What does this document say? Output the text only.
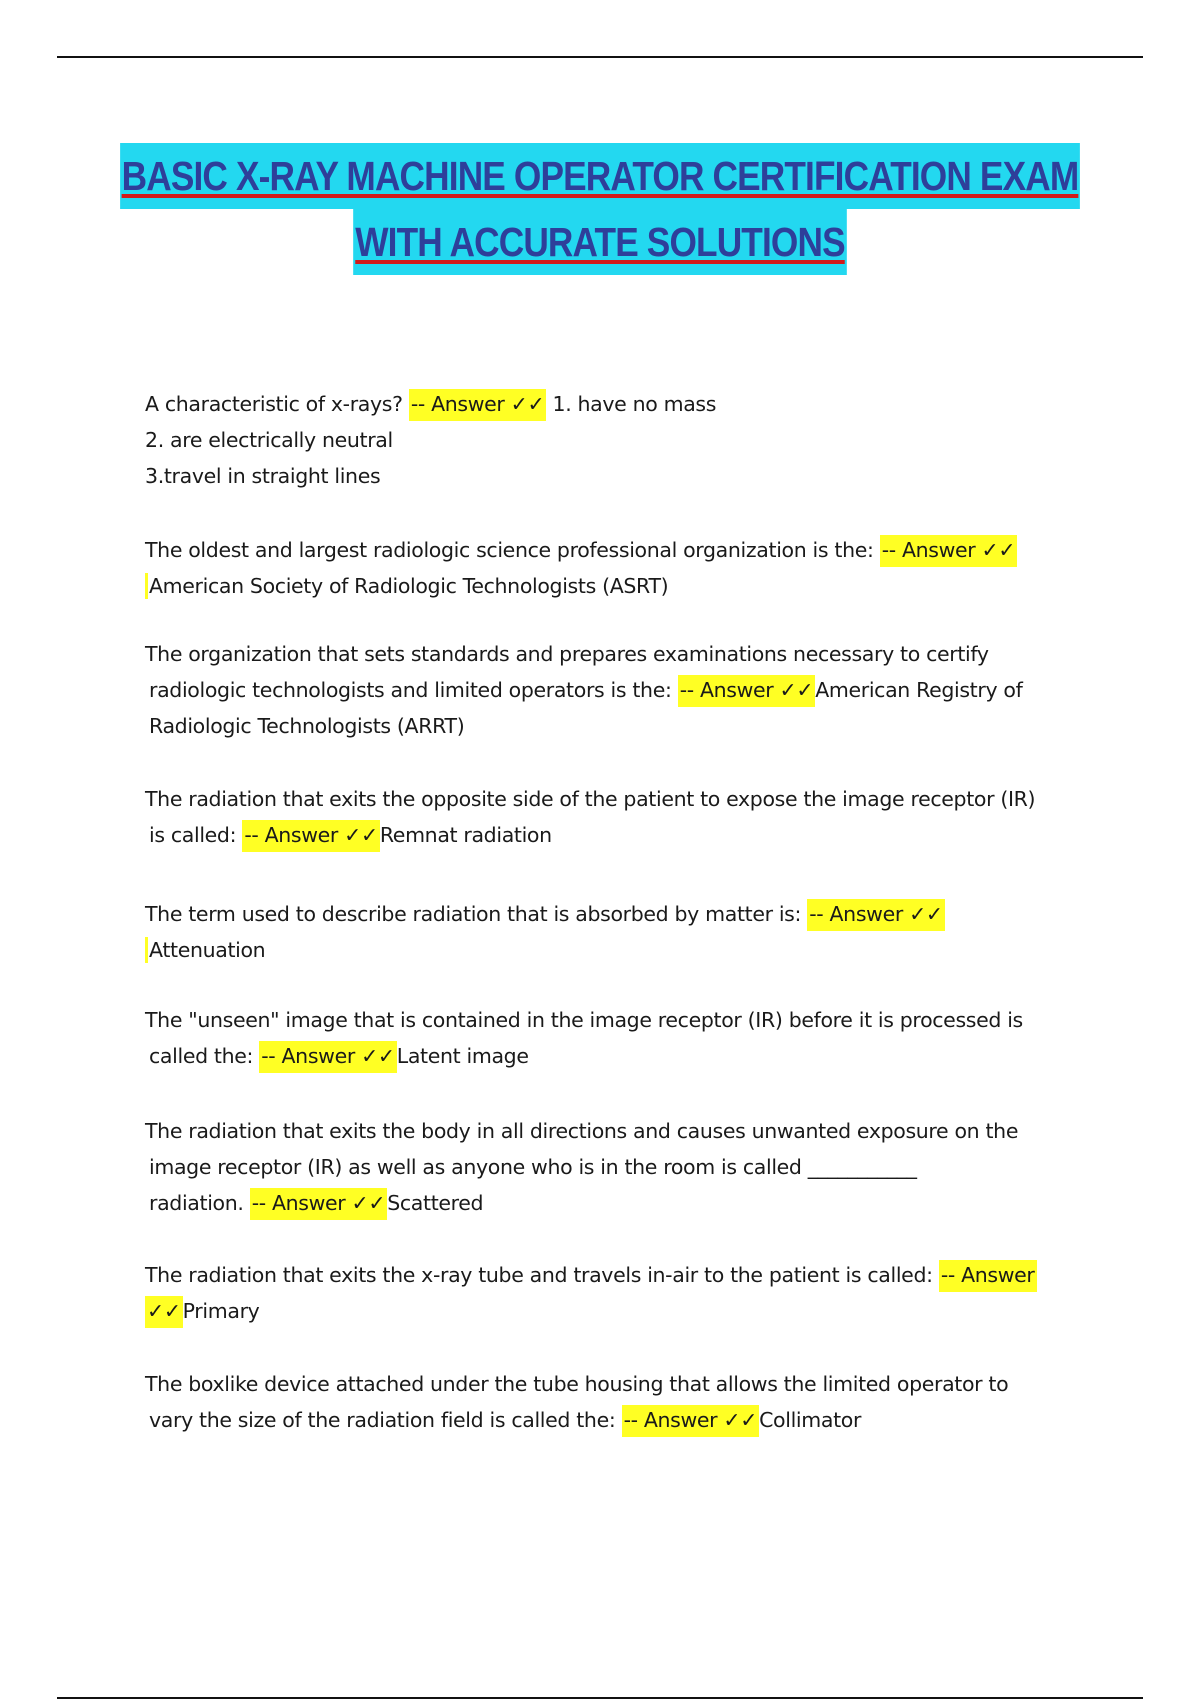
BASIC X-RAY MACHINE OPERATOR CERTIFICATION EXAM
WITH ACCURATE SOLUTIONS
A characteristic of x-rays? -- Answer ✓✓ 1. have no mass
2. are electrically neutral
3.travel in straight lines
The oldest and largest radiologic science professional organization is the: -- Answer ✓✓
American Society of Radiologic Technologists (ASRT)
The organization that sets standards and prepares examinations necessary to certify
radiologic technologists and limited operators is the: -- Answer ✓✓American Registry of
Radiologic Technologists (ARRT)
The radiation that exits the opposite side of the patient to expose the image receptor (IR)
is called: -- Answer ✓✓Remnat radiation
The term used to describe radiation that is absorbed by matter is: -- Answer ✓✓
Attenuation
The "unseen" image that is contained in the image receptor (IR) before it is processed is
called the: -- Answer ✓✓Latent image
The radiation that exits the body in all directions and causes unwanted exposure on the
image receptor (IR) as well as anyone who is in the room is called ___________
radiation. -- Answer ✓✓Scattered
The radiation that exits the x-ray tube and travels in-air to the patient is called: -- Answer
✓✓Primary
The boxlike device attached under the tube housing that allows the limited operator to
vary the size of the radiation field is called the: -- Answer ✓✓Collimator
